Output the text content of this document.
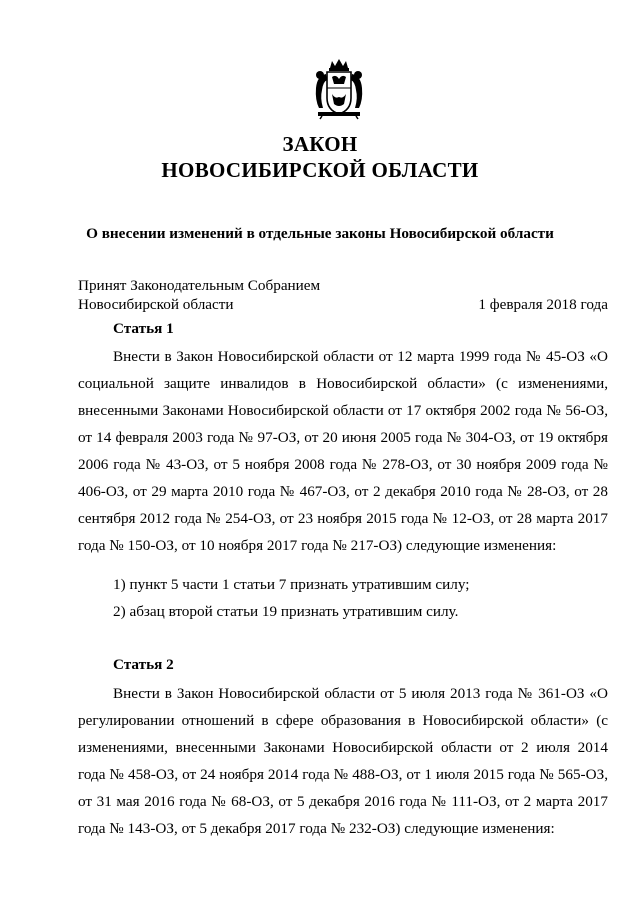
ЗАКОН
НОВОСИБИРСКОЙ ОБЛАСТИ
О внесении изменений в отдельные законы Новосибирской области
Принят Законодательным Собранием
Новосибирской области	1 февраля 2018 года
Статья 1

Внести в Закон Новосибирской области от 12 марта 1999 года № 45-ОЗ «О социальной защите инвалидов в Новосибирской области» (с изменениями, внесенными Законами Новосибирской области от 17 октября 2002 года № 56-ОЗ, от 14 февраля 2003 года № 97-ОЗ, от 20 июня 2005 года № 304-ОЗ, от 19 октября 2006 года № 43-ОЗ, от 5 ноября 2008 года № 278-ОЗ, от 30 ноября 2009 года № 406-ОЗ, от 29 марта 2010 года № 467-ОЗ, от 2 декабря 2010 года № 28-ОЗ, от 28 сентября 2012 года № 254-ОЗ, от 23 ноября 2015 года № 12-ОЗ, от 28 марта 2017 года № 150-ОЗ, от 10 ноября 2017 года № 217-ОЗ) следующие изменения:

1) пункт 5 части 1 статьи 7 признать утратившим силу;
2) абзац второй статьи 19 признать утратившим силу.
Статья 2

Внести в Закон Новосибирской области от 5 июля 2013 года № 361-ОЗ «О регулировании отношений в сфере образования в Новосибирской области» (с изменениями, внесенными Законами Новосибирской области от 2 июля 2014 года № 458-ОЗ, от 24 ноября 2014 года № 488-ОЗ, от 1 июля 2015 года № 565-ОЗ, от 31 мая 2016 года № 68-ОЗ, от 5 декабря 2016 года № 111-ОЗ, от 2 марта 2017 года № 143-ОЗ, от 5 декабря 2017 года № 232-ОЗ) следующие изменения:
